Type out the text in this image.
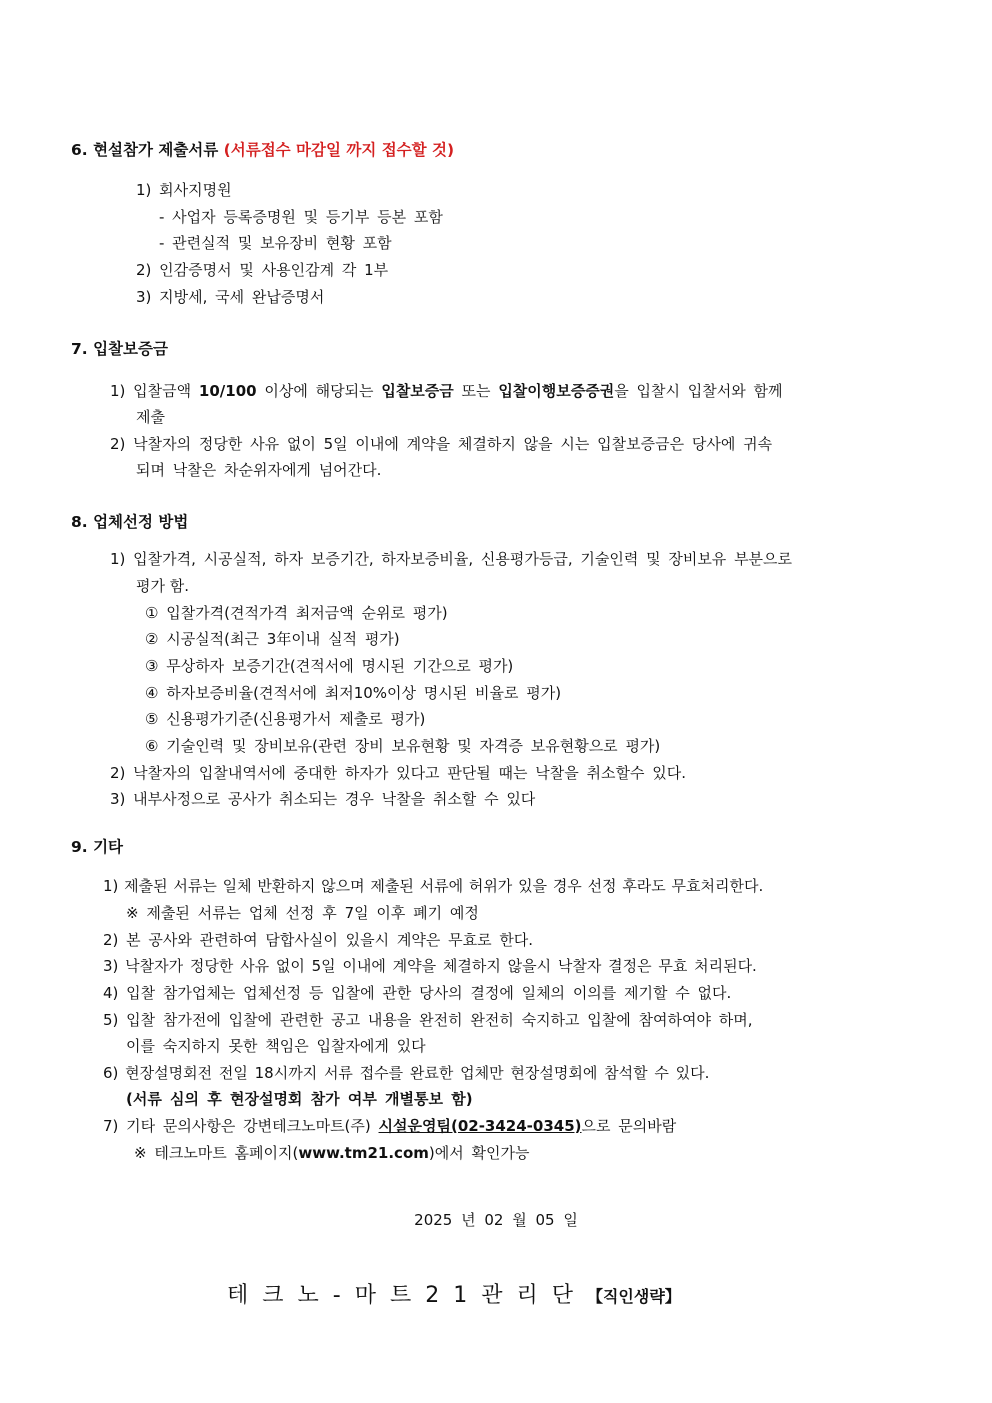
6. 현설참가 제출서류 (서류접수 마감일 까지 접수할 것)
1) 회사지명원
- 사업자 등록증명원 및 등기부 등본 포함
- 관련실적 및 보유장비 현황 포함
2) 인감증명서 및 사용인감계 각 1부
3) 지방세, 국세 완납증명서
7. 입찰보증금
1) 입찰금액 10/100 이상에 해당되는 입찰보증금 또는 입찰이행보증증권을 입찰시 입찰서와 함께
제출
2) 낙찰자의 정당한 사유 없이 5일 이내에 계약을 체결하지 않을 시는 입찰보증금은 당사에 귀속
되며 낙찰은 차순위자에게 넘어간다.
8. 업체선정 방법
1) 입찰가격, 시공실적, 하자 보증기간, 하자보증비율, 신용평가등급, 기술인력 및 장비보유 부분으로
평가 함.
① 입찰가격(견적가격 최저금액 순위로 평가)
② 시공실적(최근 3年이내 실적 평가)
③ 무상하자 보증기간(견적서에 명시된 기간으로 평가)
④ 하자보증비율(견적서에 최저10%이상 명시된 비율로 평가)
⑤ 신용평가기준(신용평가서 제출로 평가)
⑥ 기술인력 및 장비보유(관련 장비 보유현황 및 자격증 보유현황으로 평가)
2) 낙찰자의 입찰내역서에 중대한 하자가 있다고 판단될 때는 낙찰을 취소할수 있다.
3) 내부사정으로 공사가 취소되는 경우 낙찰을 취소할 수 있다
9. 기타
1) 제출된 서류는 일체 반환하지 않으며 제출된 서류에 허위가 있을 경우 선정 후라도 무효처리한다.
※ 제출된 서류는 업체 선정 후 7일 이후 폐기 예정
2) 본 공사와 관련하여 담합사실이 있을시 계약은 무효로 한다.
3) 낙찰자가 정당한 사유 없이 5일 이내에 계약을 체결하지 않을시 낙찰자 결정은 무효 처리된다.
4) 입찰 참가업체는 업체선정 등 입찰에 관한 당사의 결정에 일체의 이의를 제기할 수 없다.
5) 입찰 참가전에 입찰에 관련한 공고 내용을 완전히 완전히 숙지하고 입찰에 참여하여야 하며,
이를 숙지하지 못한 책임은 입찰자에게 있다
6) 현장설명회전 전일 18시까지 서류 접수를 완료한 업체만 현장설명회에 참석할 수 있다.
(서류 심의 후 현장설명회 참가 여부 개별통보 함)
7) 기타 문의사항은 강변테크노마트(주) 시설운영팀(02-3424-0345)으로 문의바람
※ 테크노마트 홈페이지(www.tm21.com)에서 확인가능
2025 년 02 월 05 일
테크노-마트21관리단【직인생략】
